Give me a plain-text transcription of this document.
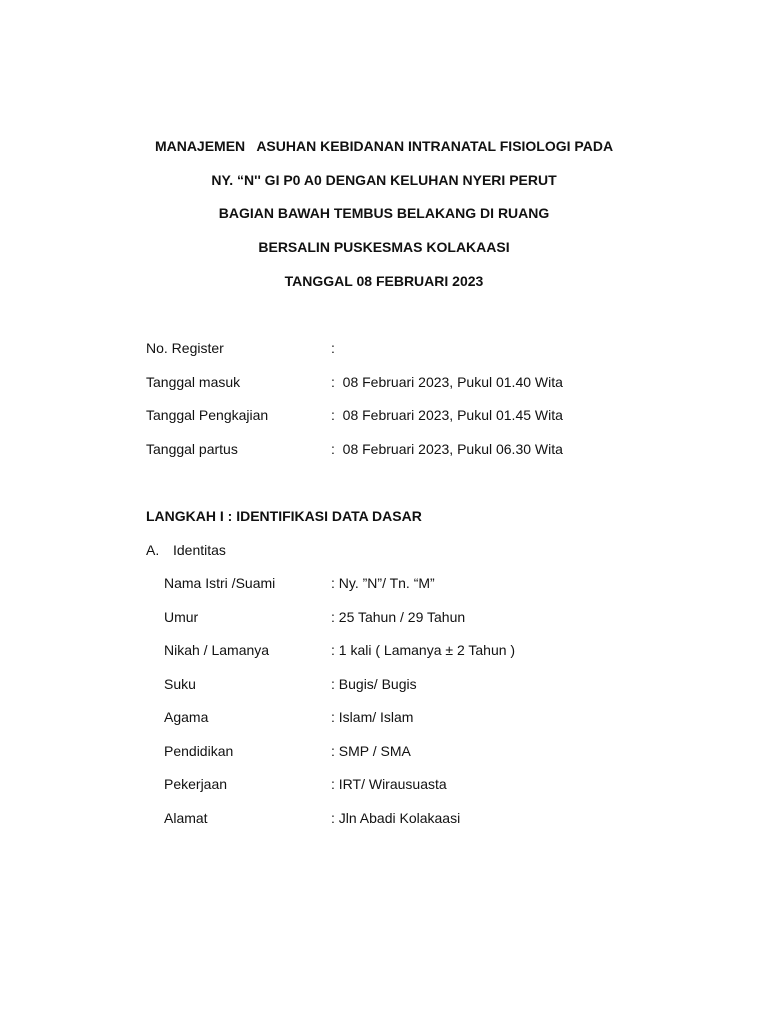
MANAJEMEN   ASUHAN KEBIDANAN INTRANATAL FISIOLOGI PADA
NY. “N'' GI P0 A0 DENGAN KELUHAN NYERI PERUT
BAGIAN BAWAH TEMBUS BELAKANG DI RUANG
BERSALIN PUSKESMAS KOLAKAASI
TANGGAL 08 FEBRUARI 2023
No. Register	:
Tanggal masuk	:  08 Februari 2023, Pukul 01.40 Wita
Tanggal Pengkajian	:  08 Februari 2023, Pukul 01.45 Wita
Tanggal partus	:  08 Februari 2023, Pukul 06.30 Wita
LANGKAH I : IDENTIFIKASI DATA DASAR
A. Identitas
Nama Istri /Suami	: Ny. ”N”/ Tn. “M”
Umur	: 25 Tahun / 29 Tahun
Nikah / Lamanya	: 1 kali ( Lamanya ± 2 Tahun )
Suku	: Bugis/ Bugis
Agama	: Islam/ Islam
Pendidikan	: SMP / SMA
Pekerjaan	: IRT/ Wirausuasta
Alamat	: Jln Abadi Kolakaasi
